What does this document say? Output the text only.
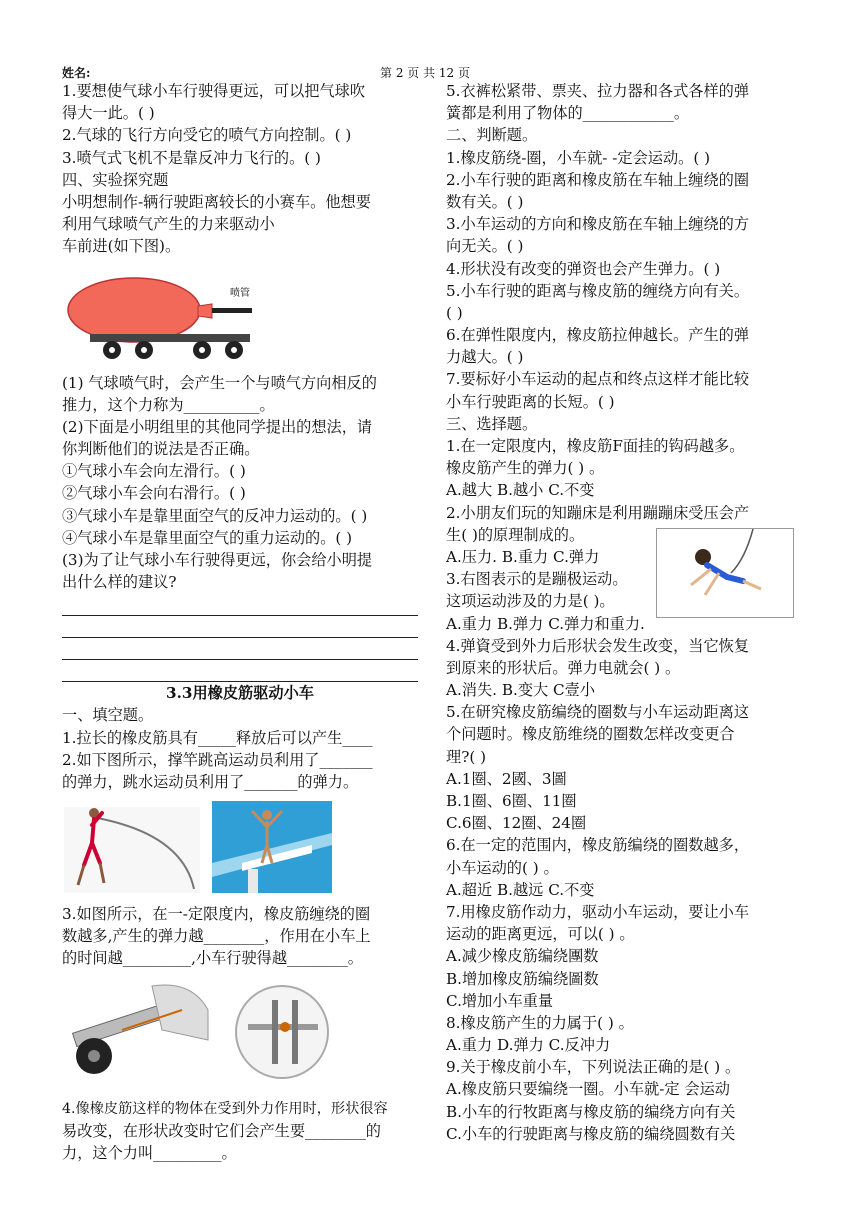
姓名:	第 2 页 共 12 页
1.要想使气球小车行驶得更远，可以把气球吹
得大一此。( )
2.气球的飞行方向受它的喷气方向控制。( )
3.喷气式飞机不是靠反冲力飞行的。( )
四、实验探究题
小明想制作-辆行驶距离较长的小赛车。他想要
利用气球喷气产生的力来驱动小
车前进(如下图)。
喷管
(1) 气球喷气时，会产生一个与喷气方向相反的
推力，这个力称为__________。
(2)下面是小明组里的其他同学提出的想法，请
你判断他们的说法是否正确。
①气球小车会向左滑行。( )
②气球小车会向右滑行。( )
③气球小车是靠里面空气的反冲力运动的。( )
④气球小车是靠里面空气的重力运动的。( )
(3)为了让气球小车行驶得更远，你会给小明提
出什么样的建议?
3.3用橡皮筋驱动小车
一、填空题。
1.拉长的橡皮筋具有_____释放后可以产生____
2.如下图所示，撑竿跳高运动员利用了_______
的弹力，跳水运动员利用了_______的弹力。
3.如图所示，在一-定限度内，橡皮筋缠绕的圈
数越多,产生的弹力越________，作用在小车上
的时间越_________,小车行驶得越________。
4.像橡皮筋这样的物体在受到外力作用时，形状很容
易改变，在形状改变时它们会产生要________的
力，这个力叫_________。
5.衣裤松紧带、票夹、拉力器和各式各样的弹
簧都是利用了物体的____________。
二、判断题。
1.橡皮筋绕-圈，小车就- -定会运动。( )
2.小车行驶的距离和橡皮筋在车轴上缠绕的圈
数有关。( )
3.小车运动的方向和橡皮筋在车轴上缠绕的方
向无关。( )
4.形状没有改变的弹资也会产生弹力。( )
5.小车行驶的距离与橡皮筋的缠绕方向有关。
( )
6.在弹性限度内，橡皮筋拉伸越长。产生的弹
力越大。( )
7.要标好小车运动的起点和终点这样才能比较
小车行驶距离的长短。( )
三、选择题。
1.在一定限度内，橡皮筋F面挂的钩码越多。
橡皮筋产生的弹力( ) 。
A.越大 B.越小 C.不变
2.小朋友们玩的知蹦床是利用蹦蹦床受压会产
生( )的原理制成的。
A.压力. B.重力 C.弹力
3.右图表示的是蹦极运动。
这项运动涉及的力是( )。
A.重力 B.弹力 C.弹力和重力.
4.弹資受到外力后形状会发生改变，当它恢复
到原来的形状后。弹力电就会( ) 。
A.消失. B.变大 C壹小
5.在研究橡皮筋编绕的圈数与小车运动距离这
个问题时。橡皮筋维绕的圈数怎样改变更合
理?( )
A.1圈、2國、3圖
B.1圈、6圈、11圈
C.6圈、12圈、24圈
6.在一定的范围内，橡皮筋编绕的圈数越多，
小车运动的( ) 。
A.超近 B.越远 C.不变
7.用橡皮筋作动力，驱动小车运动，要让小车
运动的距离更远，可以( ) 。
A.减少橡皮筋编绕團数
B.增加橡皮筋编绕圖数
C.增加小车重量
8.橡皮筋产生的力属于( ) 。
A.重力 D.弹力 C.反冲力
9.关于橡皮前小车，下列说法正确的是( ) 。
A.橡皮筋只要编绕一圈。小车就-定 会运动
B.小车的行牧距离与橡皮筋的编绕方向有关
C.小车的行驶距离与橡皮筋的编绕圆数有关
